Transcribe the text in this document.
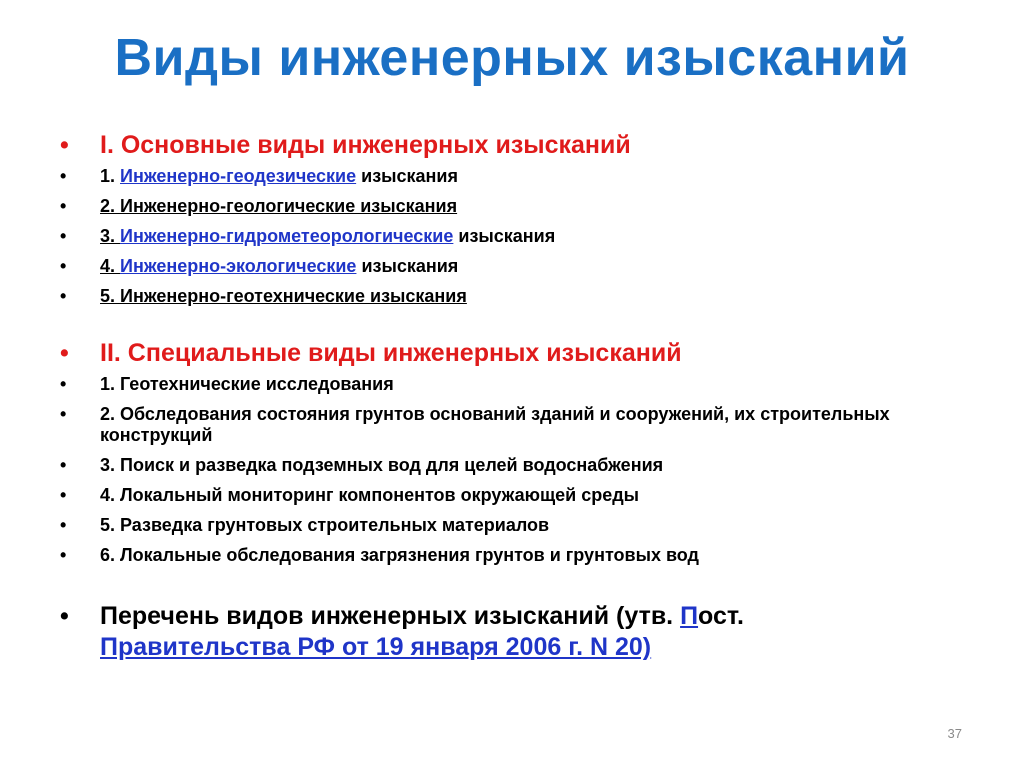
Виды инженерных изысканий
• I. Основные виды инженерных изысканий
• 1. Инженерно-геодезические изыскания
• 2. Инженерно-геологические изыскания
• 3. Инженерно-гидрометеорологические изыскания
• 4. Инженерно-экологические изыскания
• 5. Инженерно-геотехнические изыскания
• II. Специальные виды инженерных изысканий
• 1. Геотехнические исследования
• 2. Обследования состояния грунтов оснований зданий и сооружений, их строительных конструкций
• 3. Поиск и разведка подземных вод для целей водоснабжения
• 4. Локальный мониторинг компонентов окружающей среды
• 5. Разведка грунтовых строительных материалов
• 6. Локальные обследования загрязнения грунтов и грунтовых вод
• Перечень видов инженерных изысканий (утв. Пост.
Правительства РФ от 19 января 2006 г. N 20)
37
